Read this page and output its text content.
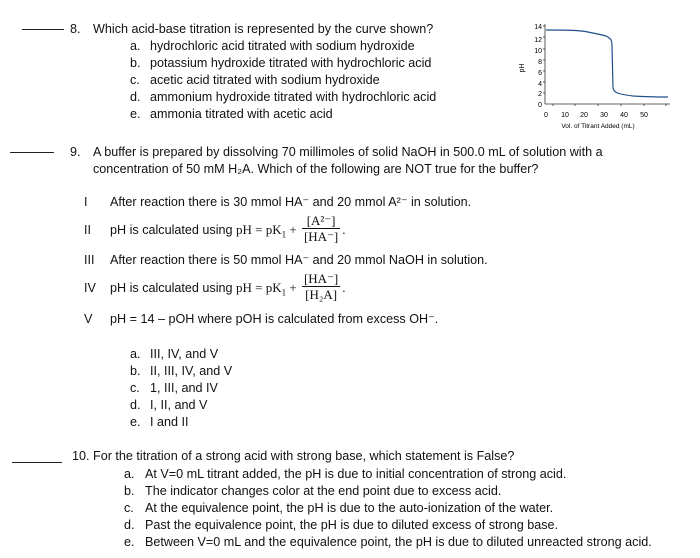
8. Which acid-base titration is represented by the curve shown?
a. hydrochloric acid titrated with sodium hydroxide
b. potassium hydroxide titrated with hydrochloric acid
c. acetic acid titrated with sodium hydroxide
d. ammonium hydroxide titrated with hydrochloric acid
e. ammonia titrated with acetic acid
pH
14
12
10
8
6
4
2
0
0 10 20 30 40 50
Vol. of Titrant Added (mL)
9. A buffer is prepared by dissolving 70 millimoles of solid NaOH in 500.0 mL of solution with a
concentration of 50 mM H₂A. Which of the following are NOT true for the buffer?
I	After reaction there is 30 mmol HA⁻ and 20 mmol A²⁻ in solution.
II	pH is calculated using pH = $pK_1 + \frac{\text{[A²⁻]}}{[HA^-]}$ .
III	After reaction there is 50 mmol HA⁻ and 20 mmol NaOH in solution.
IV	pH is calculated using pH = $pK_1 + \frac{[HA^-]}{\text{[H₂A]}}$ .
V	pH = 14 – pOH where pOH is calculated from excess OH⁻.
a. III, IV, and V
b. II, III, IV, and V
c. 1, III, and IV
d. I, II, and V
e. I and II
10. For the titration of a strong acid with strong base, which statement is False?
a. At V=0 mL titrant added, the pH is due to initial concentration of strong acid.
b. The indicator changes color at the end point due to excess acid.
c. At the equivalence point, the pH is due to the auto-ionization of the water.
d. Past the equivalence point, the pH is due to diluted excess of strong base.
e. Between V=0 mL and the equivalence point, the pH is due to diluted unreacted strong acid.
